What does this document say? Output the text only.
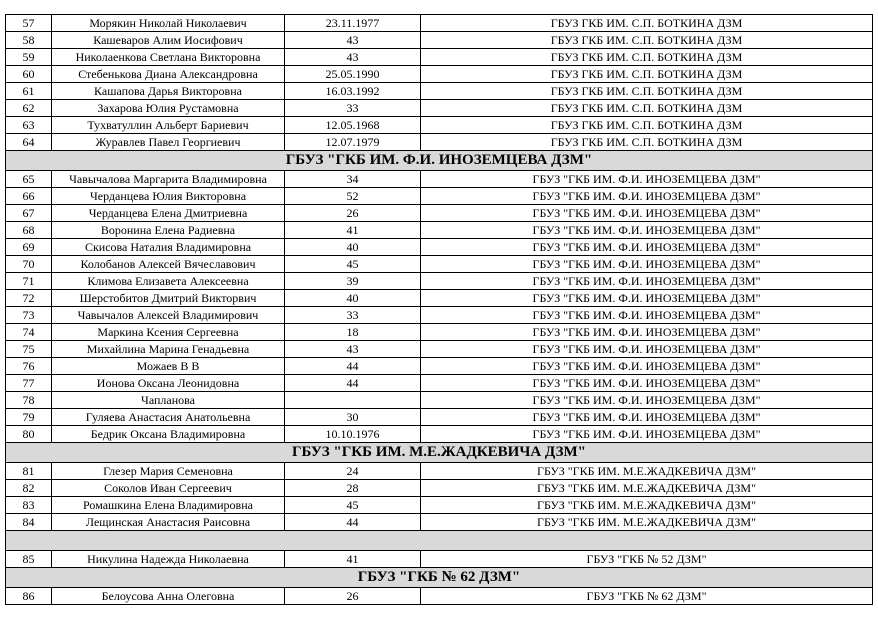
57	Морякин Николай Николаевич	23.11.1977	ГБУЗ ГКБ ИМ. С.П. БОТКИНА ДЗМ
58	Кашеваров Алим Иосифович	43	ГБУЗ ГКБ ИМ. С.П. БОТКИНА ДЗМ
59	Николаенкова Светлана Викторовна	43	ГБУЗ ГКБ ИМ. С.П. БОТКИНА ДЗМ
60	Стебенькова Диана Александровна	25.05.1990	ГБУЗ ГКБ ИМ. С.П. БОТКИНА ДЗМ
61	Кашапова Дарья Викторовна	16.03.1992	ГБУЗ ГКБ ИМ. С.П. БОТКИНА ДЗМ
62	Захарова Юлия Рустамовна	33	ГБУЗ ГКБ ИМ. С.П. БОТКИНА ДЗМ
63	Тухватуллин Альберт Бариевич	12.05.1968	ГБУЗ ГКБ ИМ. С.П. БОТКИНА ДЗМ
64	Журавлев Павел Георгиевич	12.07.1979	ГБУЗ ГКБ ИМ. С.П. БОТКИНА ДЗМ
ГБУЗ "ГКБ ИМ. Ф.И. ИНОЗЕМЦЕВА ДЗМ"			
65	Чавычалова Маргарита Владимировна	34	ГБУЗ "ГКБ ИМ. Ф.И. ИНОЗЕМЦЕВА ДЗМ"
66	Черданцева Юлия Викторовна	52	ГБУЗ "ГКБ ИМ. Ф.И. ИНОЗЕМЦЕВА ДЗМ"
67	Черданцева Елена Дмитриевна	26	ГБУЗ "ГКБ ИМ. Ф.И. ИНОЗЕМЦЕВА ДЗМ"
68	Воронина Елена Радиевна	41	ГБУЗ "ГКБ ИМ. Ф.И. ИНОЗЕМЦЕВА ДЗМ"
69	Скисова Наталия Владимировна	40	ГБУЗ "ГКБ ИМ. Ф.И. ИНОЗЕМЦЕВА ДЗМ"
70	Колобанов Алексей Вячеславович	45	ГБУЗ "ГКБ ИМ. Ф.И. ИНОЗЕМЦЕВА ДЗМ"
71	Климова Елизавета Алексеевна	39	ГБУЗ "ГКБ ИМ. Ф.И. ИНОЗЕМЦЕВА ДЗМ"
72	Шерстобитов Дмитрий Викторвич	40	ГБУЗ "ГКБ ИМ. Ф.И. ИНОЗЕМЦЕВА ДЗМ"
73	Чавычалов Алексей Владимирович	33	ГБУЗ "ГКБ ИМ. Ф.И. ИНОЗЕМЦЕВА ДЗМ"
74	Маркина Ксения Сергеевна	18	ГБУЗ "ГКБ ИМ. Ф.И. ИНОЗЕМЦЕВА ДЗМ"
75	Михайлина Марина Генадьевна	43	ГБУЗ "ГКБ ИМ. Ф.И. ИНОЗЕМЦЕВА ДЗМ"
76	Можаев В В	44	ГБУЗ "ГКБ ИМ. Ф.И. ИНОЗЕМЦЕВА ДЗМ"
77	Ионова Оксана Леонидовна	44	ГБУЗ "ГКБ ИМ. Ф.И. ИНОЗЕМЦЕВА ДЗМ"
78	Чапланова		ГБУЗ "ГКБ ИМ. Ф.И. ИНОЗЕМЦЕВА ДЗМ"
79	Гуляева Анастасия Анатольевна	30	ГБУЗ "ГКБ ИМ. Ф.И. ИНОЗЕМЦЕВА ДЗМ"
80	Бедрик Оксана Владимировна	10.10.1976	ГБУЗ "ГКБ ИМ. Ф.И. ИНОЗЕМЦЕВА ДЗМ"
ГБУЗ "ГКБ ИМ. М.Е.ЖАДКЕВИЧА ДЗМ"			
81	Глезер Мария Семеновна	24	ГБУЗ "ГКБ ИМ. М.Е.ЖАДКЕВИЧА ДЗМ"
82	Соколов Иван Сергеевич	28	ГБУЗ "ГКБ ИМ. М.Е.ЖАДКЕВИЧА ДЗМ"
83	Ромашкина Елена Владимировна	45	ГБУЗ "ГКБ ИМ. М.Е.ЖАДКЕВИЧА ДЗМ"
84	Лещинская Анастасия Раисовна	44	ГБУЗ "ГКБ ИМ. М.Е.ЖАДКЕВИЧА ДЗМ"

85	Никулина Надежда Николаевна	41	ГБУЗ "ГКБ № 52 ДЗМ"
ГБУЗ "ГКБ № 62 ДЗМ"			
86	Белоусова Анна Олеговна	26	ГБУЗ "ГКБ № 62 ДЗМ"
